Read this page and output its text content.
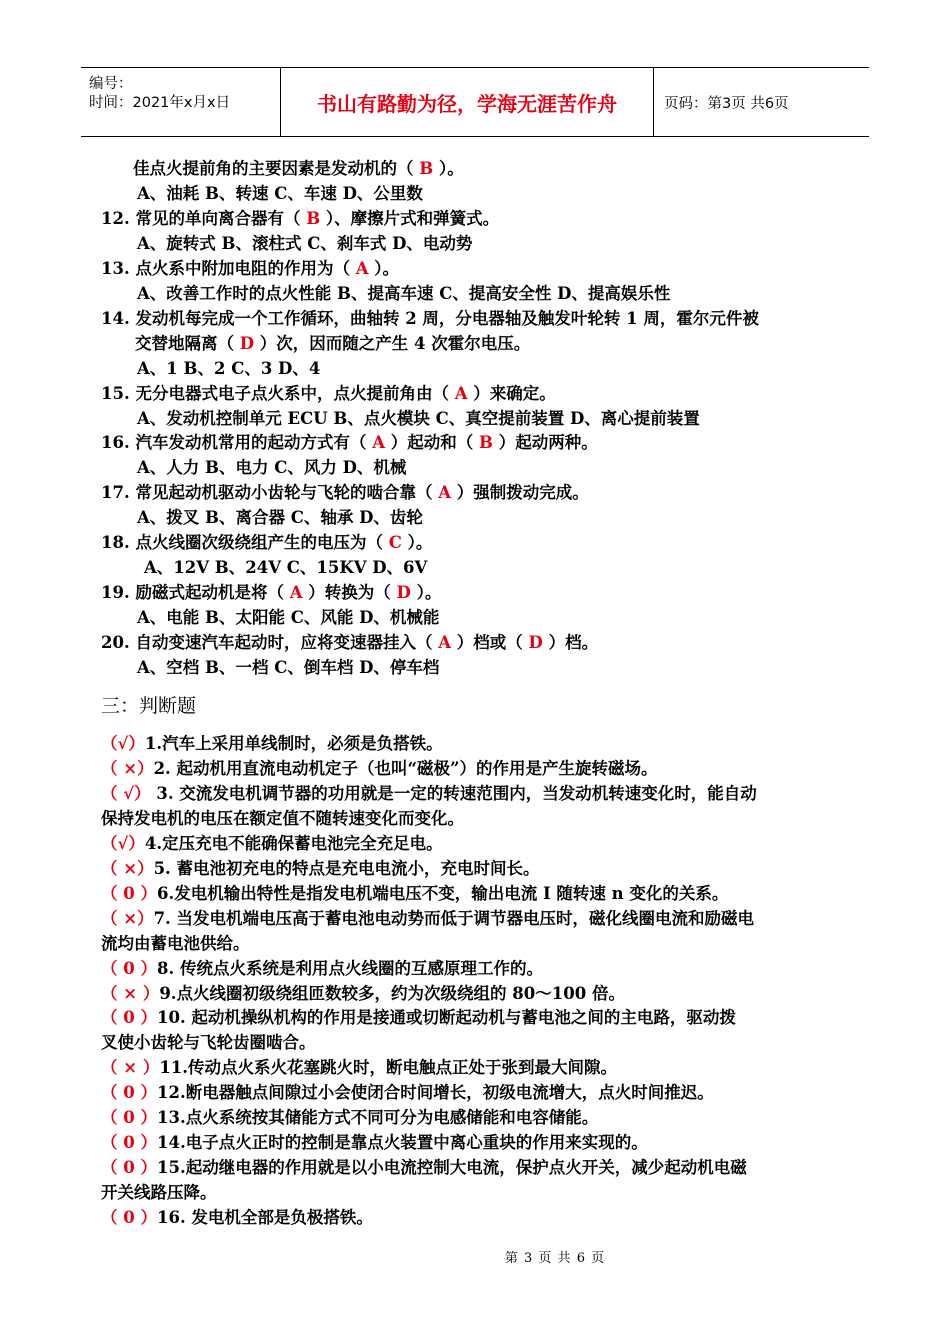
编号：
时间：2021年x月x日	书山有路勤为径，学海无涯苦作舟	页码：第3页 共6页
佳点火提前角的主要因素是发动机的（ B ）。
A、油耗 B、转速 C、车速 D、公里数
12. 常见的单向离合器有（ B ）、摩擦片式和弹簧式。
A、旋转式 B、滚柱式 C、刹车式 D、电动势
13. 点火系中附加电阻的作用为（ A ）。
A、改善工作时的点火性能 B、提高车速 C、提高安全性 D、提高娱乐性
14. 发动机每完成一个工作循环，曲轴转 2 周，分电器轴及触发叶轮转 1 周，霍尔元件被
交替地隔离（ D ）次，因而随之产生 4 次霍尔电压。
A、1 B、2 C、3 D、4
15. 无分电器式电子点火系中，点火提前角由（ A ）来确定。
A、发动机控制单元 ECU B、点火模块 C、真空提前装置 D、离心提前装置
16. 汽车发动机常用的起动方式有（ A ）起动和（ B ）起动两种。
A、人力 B、电力 C、风力 D、机械
17. 常见起动机驱动小齿轮与飞轮的啮合靠（ A ）强制拨动完成。
A、拨叉 B、离合器 C、轴承 D、齿轮
18. 点火线圈次级绕组产生的电压为（ C ）。
A、12V B、24V C、15KV D、6V
19. 励磁式起动机是将（ A ）转换为（ D ）。
A、电能 B、太阳能 C、风能 D、机械能
20. 自动变速汽车起动时，应将变速器挂入（ A ）档或（ D ）档。
A、空档 B、一档 C、倒车档 D、停车档
三：判断题
（√）1.汽车上采用单线制时，必须是负搭铁。
（ ×）2. 起动机用直流电动机定子（也叫“磁极”）的作用是产生旋转磁场。
（ √） 3. 交流发电机调节器的功用就是一定的转速范围内，当发动机转速变化时，能自动
保持发电机的电压在额定值不随转速变化而变化。
（√）4.定压充电不能确保蓄电池完全充足电。
（ ×）5. 蓄电池初充电的特点是充电电流小，充电时间长。
（ 0 ）6.发电机输出特性是指发电机端电压不变，输出电流 I 随转速 n 变化的关系。
（ ×）7. 当发电机端电压高于蓄电池电动势而低于调节器电压时，磁化线圈电流和励磁电
流均由蓄电池供给。
（ 0 ）8. 传统点火系统是利用点火线圈的互感原理工作的。
（ × ）9.点火线圈初级绕组匝数较多，约为次级绕组的 80～100 倍。
（ 0 ）10. 起动机操纵机构的作用是接通或切断起动机与蓄电池之间的主电路，驱动拨
叉使小齿轮与飞轮齿圈啮合。
（ × ）11.传动点火系火花塞跳火时，断电触点正处于张到最大间隙。
（ 0 ）12.断电器触点间隙过小会使闭合时间增长，初级电流增大，点火时间推迟。
（ 0 ）13.点火系统按其储能方式不同可分为电感储能和电容储能。
（ 0 ）14.电子点火正时的控制是靠点火装置中离心重块的作用来实现的。
（ 0 ）15.起动继电器的作用就是以小电流控制大电流，保护点火开关，减少起动机电磁
开关线路压降。
（ 0 ）16. 发电机全部是负极搭铁。
第 3 页 共 6 页
